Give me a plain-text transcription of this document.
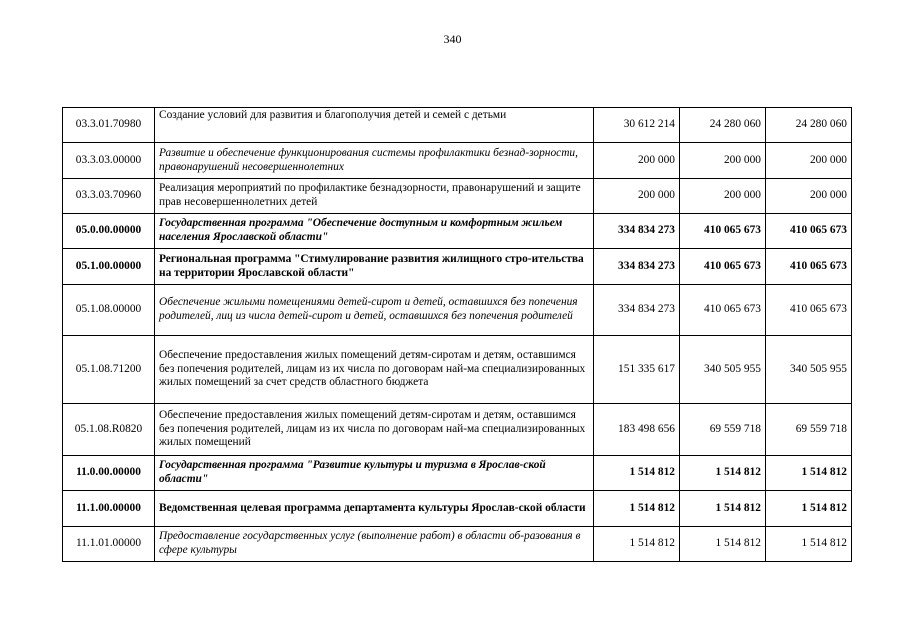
340
03.3.01.70980	Создание условий для развития и благополучия детей и семей с детьми	30 612 214	24 280 060	24 280 060
03.3.03.00000	Развитие и обеспечение функционирования системы профилактики безнад-зорности, правонарушений несовершеннолетних	200 000	200 000	200 000
03.3.03.70960	Реализация мероприятий по профилактике безнадзорности, правонарушений и защите прав несовершеннолетних детей	200 000	200 000	200 000
05.0.00.00000	Государственная программа "Обеспечение доступным и комфортным жильем населения Ярославской области"	334 834 273	410 065 673	410 065 673
05.1.00.00000	Региональная программа "Стимулирование развития жилищного стро-ительства на территории Ярославской области"	334 834 273	410 065 673	410 065 673
05.1.08.00000	Обеспечение жилыми помещениями детей-сирот и детей, оставшихся без попечения родителей, лиц из числа детей-сирот и детей, оставшихся без попечения родителей	334 834 273	410 065 673	410 065 673
05.1.08.71200	Обеспечение предоставления жилых помещений детям-сиротам и детям, оставшимся без попечения родителей, лицам из их числа по договорам най-ма специализированных жилых помещений за счет средств областного бюджета	151 335 617	340 505 955	340 505 955
05.1.08.R0820	Обеспечение предоставления жилых помещений детям-сиротам и детям, оставшимся без попечения родителей, лицам из их числа по договорам най-ма специализированных жилых помещений	183 498 656	69 559 718	69 559 718
11.0.00.00000	Государственная программа "Развитие культуры и туризма в Ярослав-ской области"	1 514 812	1 514 812	1 514 812
11.1.00.00000	Ведомственная целевая программа департамента культуры Ярослав-ской области	1 514 812	1 514 812	1 514 812
11.1.01.00000	Предоставление государственных услуг (выполнение работ) в области об-разования в сфере культуры	1 514 812	1 514 812	1 514 812
